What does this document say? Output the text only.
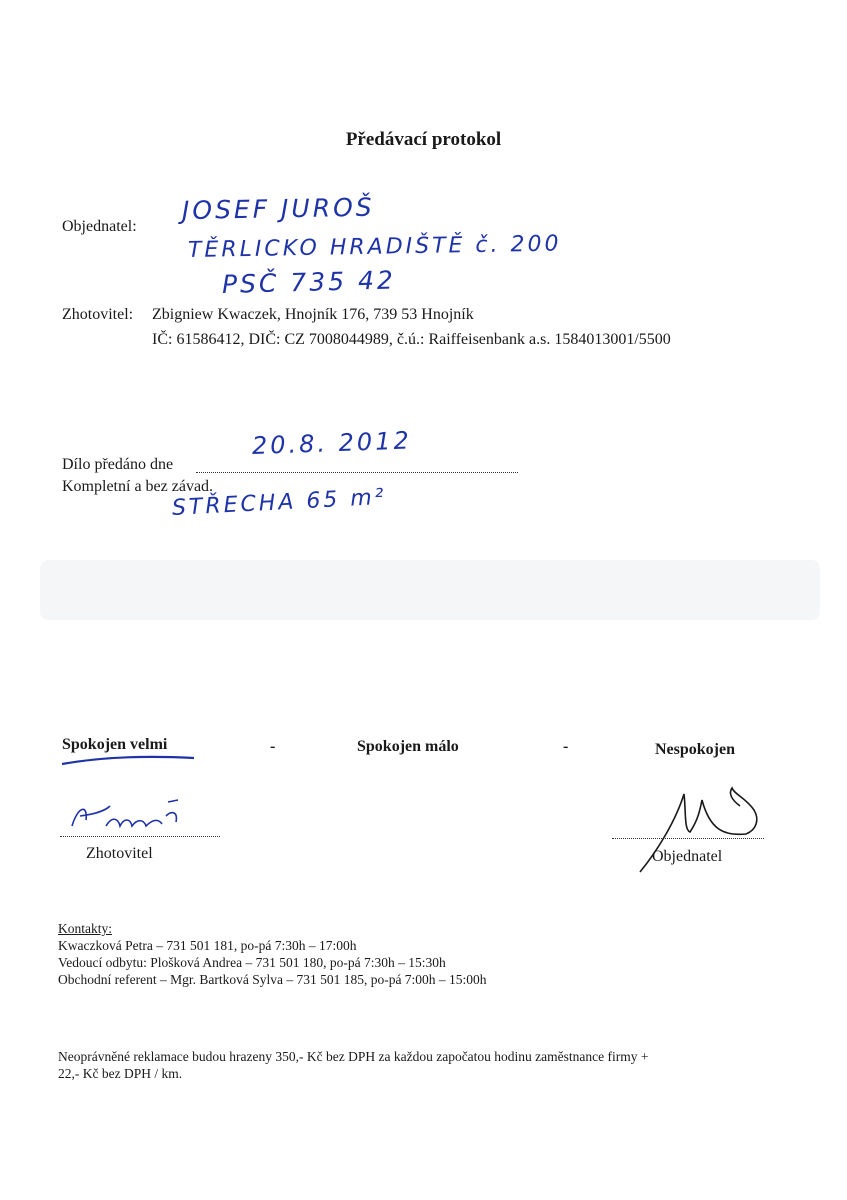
Předávací protokol
Objednatel:
JOSEF JUROŠ
TĚRLICKO HRADIŠTĚ č. 200
PSČ 735 42
Zhotovitel: Zbigniew Kwaczek, Hnojník 176, 739 53 Hnojník
IČ: 61586412, DIČ: CZ 7008044989, č.ú.: Raiffeisenbank a.s. 1584013001/5500
Dílo předáno dne
20.8. 2012
Kompletní a bez závad.
STŘECHA 65 m²
Spokojen velmi	-	Spokojen málo	-	Nespokojen
Zhotovitel	Objednatel
Kontakty:
Kwaczková Petra – 731 501 181, po-pá 7:30h – 17:00h
Vedoucí odbytu: Plošková Andrea – 731 501 180, po-pá 7:30h – 15:30h
Obchodní referent – Mgr. Bartková Sylva – 731 501 185, po-pá 7:00h – 15:00h
Neoprávněné reklamace budou hrazeny 350,- Kč bez DPH za každou započatou hodinu zaměstnance firmy +
22,- Kč bez DPH / km.
